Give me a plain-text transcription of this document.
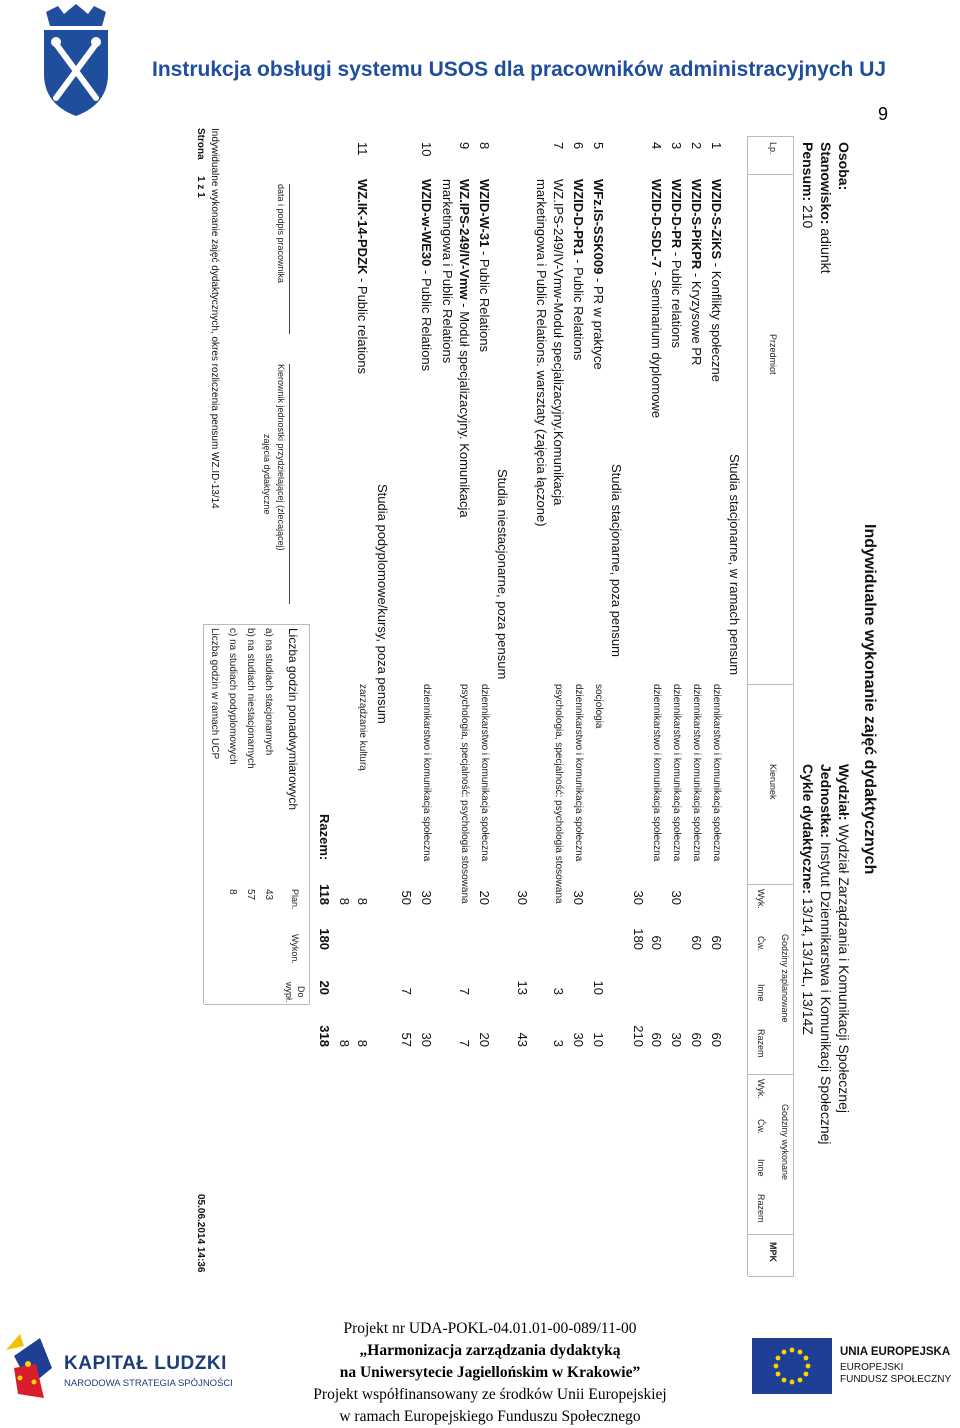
Instrukcja obsługi systemu USOS dla pracowników administracyjnych UJ
9
Indywidualne wykonanie zajęć dydaktycznych
Osoba:
Stanowisko: adiunkt
Pensum: 210
Wydział: Wydział Zarządzania i Komunikacji Społecznej
Jednostka: Instytut Dziennikarstwa i Komunikacji Społecznej
Cykle dydaktyczne: 13/14, 13/14L, 13/14Z
Lp.
Przedmiot
Kierunek
Godziny zaplanowane
Godziny wykonane
Wyk.
Ćw.
Inne
Razem
Wyk.
Ćw.
Inne
Razem
MPK
Studia stacjonarne, w ramach pensum
1
WZID-S-ZiKS - Konflikty społeczne
dziennikarstwo i komunikacja społeczna
60
60
2
WZID-S-PiKPR - Kryzysowe PR
dziennikarstwo i komunikacja społeczna
60
60
3
WZID-D-PR - Public relations
dziennikarstwo i komunikacja społeczna
30
30
4
WZID-D-SDL-7 - Seminarium dyplomowe
dziennikarstwo i komunikacja społeczna
60
60
30
180
210
Studia stacjonarne, poza pensum
5
WFz.IS-SSK009 - PR w praktyce
socjologia
10
10
6
WZID-D-PR1 - Public Relations
dziennikarstwo i komunikacja społeczna
30
30
7
WZ.IPS-249/IV-Vmw-Moduł specjalizacyjny.Komunikacja
marketingowa i Public Relations. warsztaty (zajęcia łączone)
psychologia, specjalność: psychologia stosowana
3
3
30
13
43
Studia niestacjonarne, poza pensum
8
WZID-W-31 - Public Relations
dziennikarstwo i komunikacja społeczna
20
20
9
WZ.IPS-249/IV-Vmw - Moduł specjalizacyjny. Komunikacja
marketingowa i Public Relations
psychologia, specjalność: psychologia stosowana
7
7
10
WZID-w-WE30 - Public Relations
dziennikarstwo i komunikacja społeczna
30
30
50
7
57
Studia podyplomowe/kursy, poza pensum
11
WZ.IK-14-PDZK - Public relations
zarządzanie kulturą
8
8
8
8
Razem:
118
180
20
318
Liczba godzin ponadwymiarowych
Plan.
Wykon.
Do
wypł.
a) na studiach stacjonarnych
43
b) na studiach niestacjonarnych
57
c) na studiach podyplomowych
8
Liczba godzin w ramach UCP
data i podpis pracownika
Kierownik jednostki przydzielającej (zlecającej)
zajęcia dydaktyczne
Indywidualne wykonanie zajęć dydaktycznych, okres rozliczenia pensum WZ.ID-13/14
Strona
1 z 1
05.06.2014 14:36
KAPITAŁ LUDZKI
NARODOWA STRATEGIA SPÓJNOŚCI
Projekt nr UDA-POKL-04.01.01-00-089/11-00
„Harmonizacja zarządzania dydaktyką
na Uniwersytecie Jagiellońskim w Krakowie”
Projekt współfinansowany ze środków Unii Europejskiej
w ramach Europejskiego Funduszu Społecznego
UNIA EUROPEJSKA
EUROPEJSKI
FUNDUSZ SPOŁECZNY
